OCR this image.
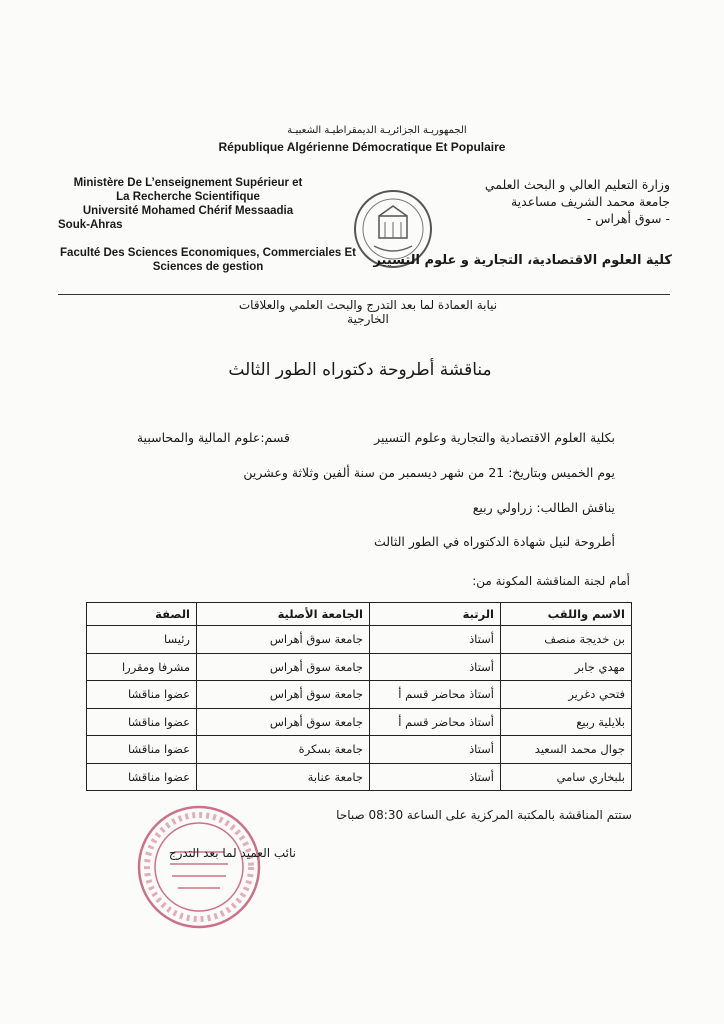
الجمهوريـة الجزائريـة الديمقراطيـة الشعبيـة
République Algérienne Démocratique Et Populaire
Ministère De L’enseignement Supérieur et
La Recherche Scientifique
Université Mohamed Chérif Messaadia
Souk-Ahras
وزارة التعليم العالي و البحث العلمي
جامعة محمد الشريف مساعدية
- سوق أهراس -
Faculté Des Sciences Economiques, Commerciales Et
Sciences de gestion	كلية العلوم الاقتصادية، التجارية و علوم التسيير
نيابة العمادة لما بعد التدرج والبحث العلمي والعلاقات الخارجية
مناقشة أطروحة دكتوراه الطور الثالث
بكلية العلوم الاقتصادية والتجارية وعلوم التسيير
قسم:علوم المالية والمحاسبية
يوم الخميس وبتاريخ: 21 من شهر ديسمبر من سنة ألفين وثلاثة وعشرين
يناقش الطالب: زراولي ربيع
أطروحة لنيل شهادة الدكتوراه في الطور الثالث
أمام لجنة المناقشة المكونة من:
الاسم واللقب	الرتبة	الجامعة الأصلية	الصفة
بن خديجة منصف	أستاذ	جامعة سوق أهراس	رئيسا
مهدي جابر	أستاذ	جامعة سوق أهراس	مشرفا ومقررا
فتحي دغرير	أستاذ محاضر قسم أ	جامعة سوق أهراس	عضوا مناقشا
بلايلية ربيع	أستاذ محاضر قسم أ	جامعة سوق أهراس	عضوا مناقشا
جوال محمد السعيد	أستاذ	جامعة بسكرة	عضوا مناقشا
بلبخاري سامي	أستاذ	جامعة عنابة	عضوا مناقشا
ستتم المناقشة بالمكتبة المركزية على الساعة 08:30 صباحا
نائب العميد لما بعد التدرج
